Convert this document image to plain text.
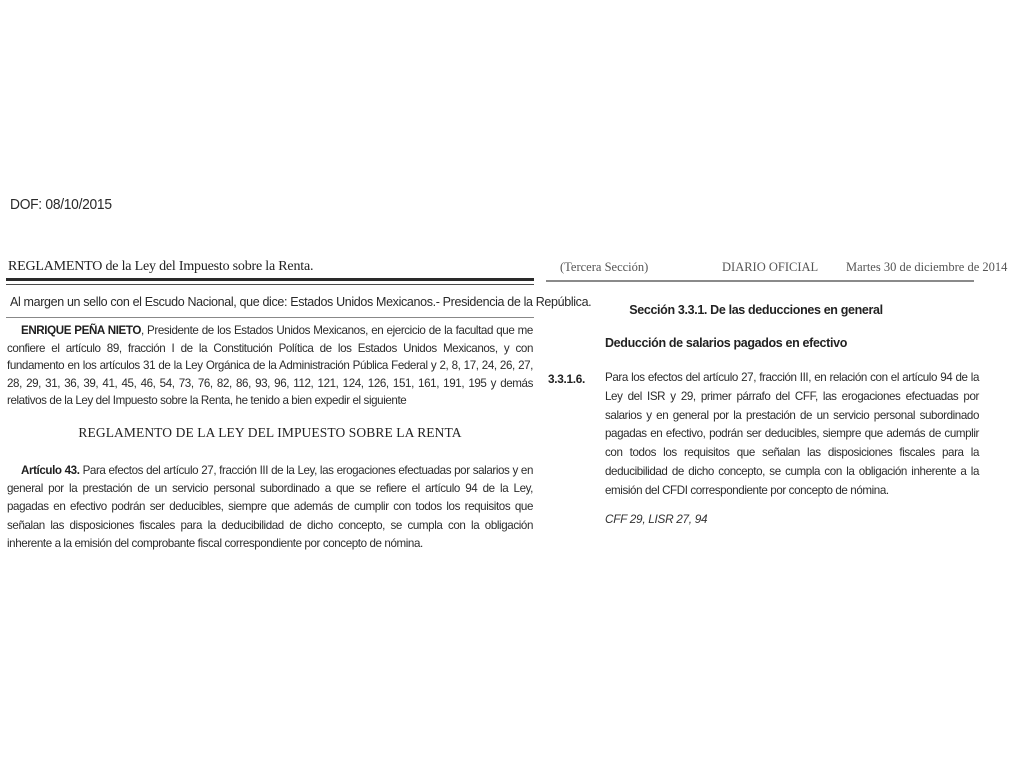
DOF: 08/10/2015
REGLAMENTO de la Ley del Impuesto sobre la Renta.
Al margen un sello con el Escudo Nacional, que dice: Estados Unidos Mexicanos.- Presidencia de la República.

ENRIQUE PEÑA NIETO, Presidente de los Estados Unidos Mexicanos, en ejercicio de la facultad que me confiere el artículo 89, fracción I de la Constitución Política de los Estados Unidos Mexicanos, y con fundamento en los artículos 31 de la Ley Orgánica de la Administración Pública Federal y 2, 8, 17, 24, 26, 27, 28, 29, 31, 36, 39, 41, 45, 46, 54, 73, 76, 82, 86, 93, 96, 112, 121, 124, 126, 151, 161, 191, 195 y demás relativos de la Ley del Impuesto sobre la Renta, he tenido a bien expedir el siguiente

REGLAMENTO DE LA LEY DEL IMPUESTO SOBRE LA RENTA

Artículo 43. Para efectos del artículo 27, fracción III de la Ley, las erogaciones efectuadas por salarios y en general por la prestación de un servicio personal subordinado a que se refiere el artículo 94 de la Ley, pagadas en efectivo podrán ser deducibles, siempre que además de cumplir con todos los requisitos que señalan las disposiciones fiscales para la deducibilidad de dicho concepto, se cumpla con la obligación inherente a la emisión del comprobante fiscal correspondiente por concepto de nómina.

(Tercera Sección)	DIARIO OFICIAL Martes 30 de diciembre de 2014
Sección 3.3.1. De las deducciones en general
Deducción de salarios pagados en efectivo
3.3.1.6. Para los efectos del artículo 27, fracción III, en relación con el artículo 94 de la Ley del ISR y 29, primer párrafo del CFF, las erogaciones efectuadas por salarios y en general por la prestación de un servicio personal subordinado pagadas en efectivo, podrán ser deducibles, siempre que además de cumplir con todos los requisitos que señalan las disposiciones fiscales para la deducibilidad de dicho concepto, se cumpla con la obligación inherente a la emisión del CFDI correspondiente por concepto de nómina.

CFF 29, LISR 27, 94
